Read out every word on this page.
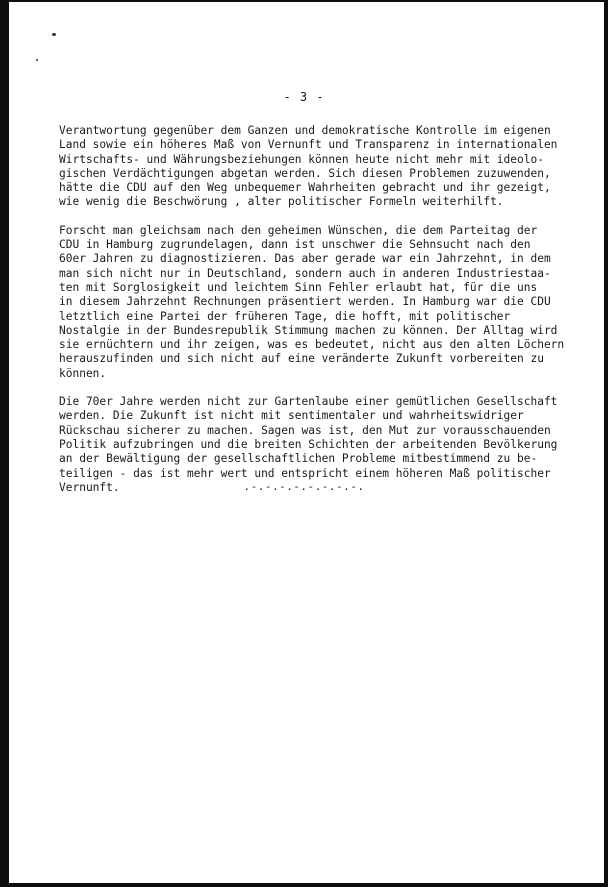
- 3 -

Verantwortung gegenüber dem Ganzen und demokratische Kontrolle im eigenen
Land sowie ein höheres Maß von Vernunft und Transparenz in internationalen
Wirtschafts- und Währungsbeziehungen können heute nicht mehr mit ideolo-
gischen Verdächtigungen abgetan werden. Sich diesen Problemen zuzuwenden,
hätte die CDU auf den Weg unbequemer Wahrheiten gebracht und ihr gezeigt,
wie wenig die Beschwörung , alter politischer Formeln weiterhilft.

Forscht man gleichsam nach den geheimen Wünschen, die dem Parteitag der
CDU in Hamburg zugrundelagen, dann ist unschwer die Sehnsucht nach den
60er Jahren zu diagnostizieren. Das aber gerade war ein Jahrzehnt, in dem
man sich nicht nur in Deutschland, sondern auch in anderen Industriestaa-
ten mit Sorglosigkeit und leichtem Sinn Fehler erlaubt hat, für die uns
in diesem Jahrzehnt Rechnungen präsentiert werden. In Hamburg war die CDU
letztlich eine Partei der früheren Tage, die hofft, mit politischer
Nostalgie in der Bundesrepublik Stimmung machen zu können. Der Alltag wird
sie ernüchtern und ihr zeigen, was es bedeutet, nicht aus den alten Löchern
herauszufinden und sich nicht auf eine veränderte Zukunft vorbereiten zu
können.

Die 70er Jahre werden nicht zur Gartenlaube einer gemütlichen Gesellschaft
werden. Die Zukunft ist nicht mit sentimentaler und wahrheitswidriger
Rückschau sicherer zu machen. Sagen was ist, den Mut zur vorausschauenden
Politik aufzubringen und die breiten Schichten der arbeitenden Bevölkerung
an der Bewältigung der gesellschaftlichen Probleme mitbestimmend zu be-
teiligen - das ist mehr wert und entspricht einem höheren Maß politischer
Vernunft.	.-.-.-.-.-.-.-.-.
